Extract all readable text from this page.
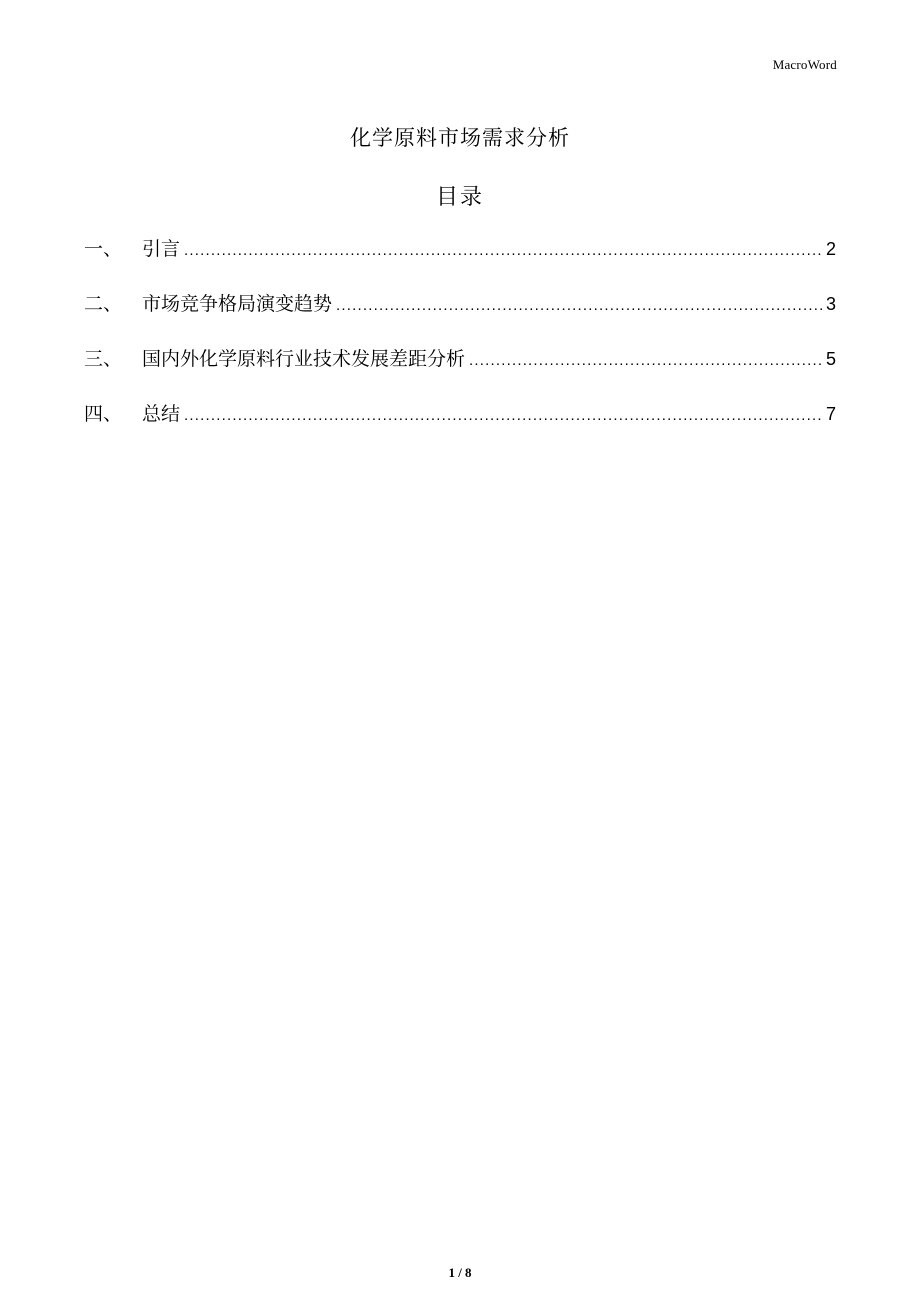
MacroWord
化学原料市场需求分析
目录
一、	引言 .....	2
二、	市场竞争格局演变趋势 .....	3
三、	国内外化学原料行业技术发展差距分析 .....	5
四、	总结 .....	7
1 / 8
